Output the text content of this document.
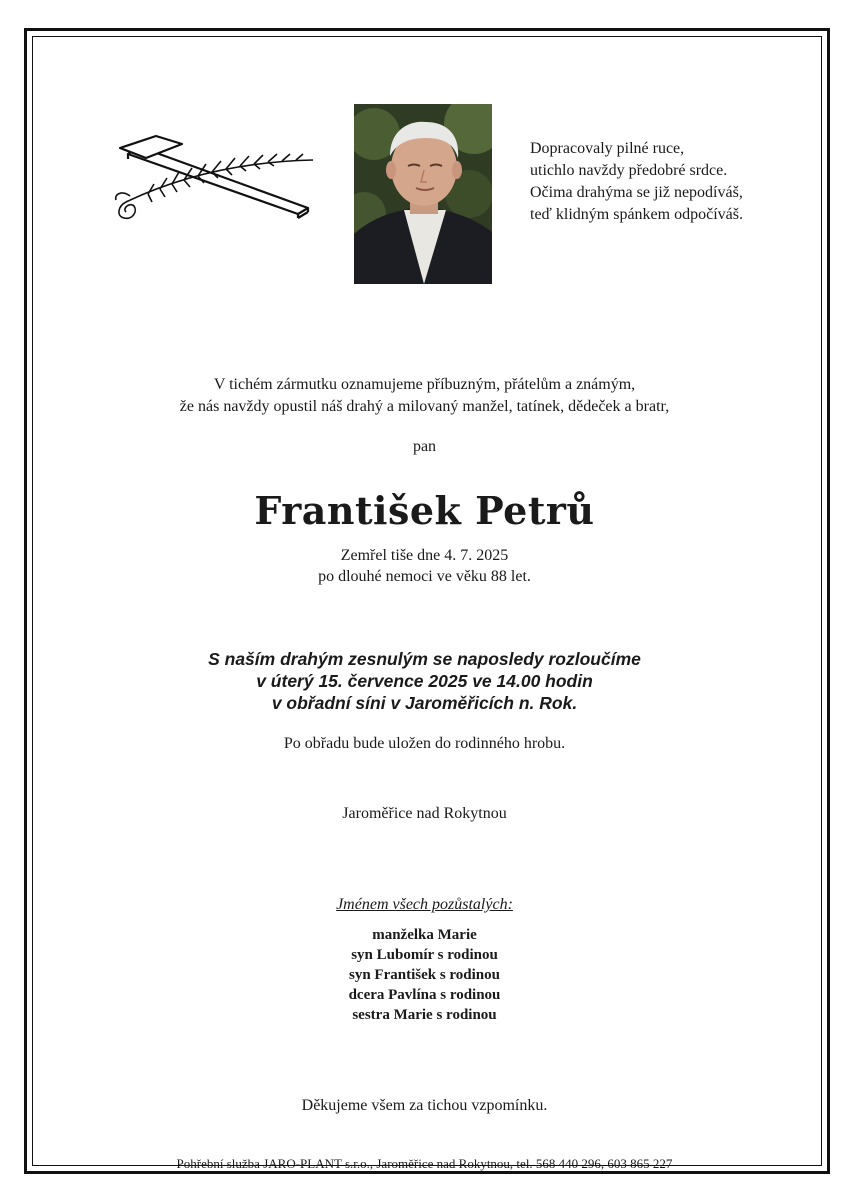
Dopracovaly pilné ruce,
utichlo navždy předobré srdce.
Očima drahýma se již nepodíváš,
teď klidným spánkem odpočíváš.
V tichém zármutku oznamujeme příbuzným, přátelům a známým,
že nás navždy opustil náš drahý a milovaný manžel, tatínek, dědeček a bratr,
pan
František Petrů
Zemřel tiše dne 4. 7. 2025
po dlouhé nemoci ve věku 88 let.
S naším drahým zesnulým se naposledy rozloučíme
v úterý 15. července 2025 ve 14.00 hodin
v obřadní síni v Jaroměřicích n. Rok.
Po obřadu bude uložen do rodinného hrobu.
Jaroměřice nad Rokytnou
Jménem všech pozůstalých:
manželka Marie
syn Lubomír s rodinou
syn František s rodinou
dcera Pavlína s rodinou
sestra Marie s rodinou
Děkujeme všem za tichou vzpomínku.
Pohřební služba JARO-PLANT s.r.o., Jaroměřice nad Rokytnou, tel. 568 440 296, 603 865 227
